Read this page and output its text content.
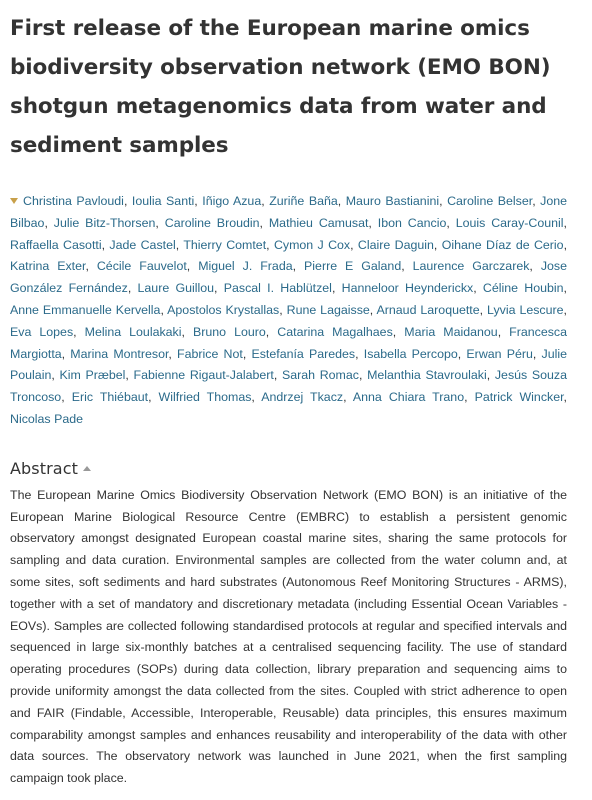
First release of the European marine omics biodiversity observation network (EMO BON) shotgun metagenomics data from water and sediment samples
Christina Pavloudi, Ioulia Santi, Iñigo Azua, Zuriñe Baña, Mauro Bastianini, Caroline Belser, Jone Bilbao, Julie Bitz-Thorsen, Caroline Broudin, Mathieu Camusat, Ibon Cancio, Louis Caray-Counil, Raffaella Casotti, Jade Castel, Thierry Comtet, Cymon J Cox, Claire Daguin, Oihane Díaz de Cerio, Katrina Exter, Cécile Fauvelot, Miguel J. Frada, Pierre E Galand, Laurence Garczarek, Jose González Fernández, Laure Guillou, Pascal I. Hablützel, Hanneloor Heynderickx, Céline Houbin, Anne Emmanuelle Kervella, Apostolos Krystallas, Rune Lagaisse, Arnaud Laroquette, Lyvia Lescure, Eva Lopes, Melina Loulakaki, Bruno Louro, Catarina Magalhaes, Maria Maidanou, Francesca Margiotta, Marina Montresor, Fabrice Not, Estefanía Paredes, Isabella Percopo, Erwan Péru, Julie Poulain, Kim Præbel, Fabienne Rigaut-Jalabert, Sarah Romac, Melanthia Stavroulaki, Jesús Souza Troncoso, Eric Thiébaut, Wilfried Thomas, Andrzej Tkacz, Anna Chiara Trano, Patrick Wincker, Nicolas Pade
Abstract
The European Marine Omics Biodiversity Observation Network (EMO BON) is an initiative of the European Marine Biological Resource Centre (EMBRC) to establish a persistent genomic observatory amongst designated European coastal marine sites, sharing the same protocols for sampling and data curation. Environmental samples are collected from the water column and, at some sites, soft sediments and hard substrates (Autonomous Reef Monitoring Structures - ARMS), together with a set of mandatory and discretionary metadata (including Essential Ocean Variables - EOVs). Samples are collected following standardised protocols at regular and specified intervals and sequenced in large six-monthly batches at a centralised sequencing facility. The use of standard operating procedures (SOPs) during data collection, library preparation and sequencing aims to provide uniformity amongst the data collected from the sites. Coupled with strict adherence to open and FAIR (Findable, Accessible, Interoperable, Reusable) data principles, this ensures maximum comparability amongst samples and enhances reusability and interoperability of the data with other data sources. The observatory network was launched in June 2021, when the first sampling campaign took place.
